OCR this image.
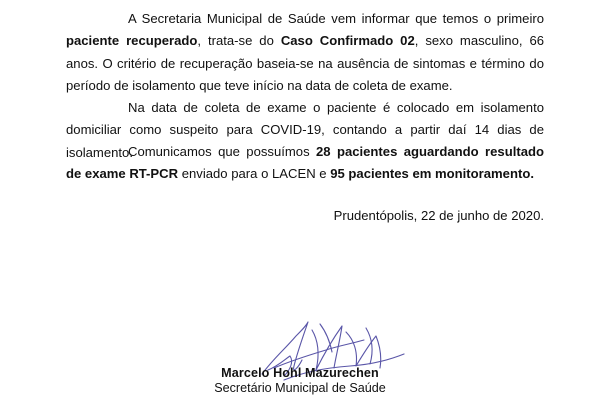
A Secretaria Municipal de Saúde vem informar que temos o primeiro paciente recuperado, trata-se do Caso Confirmado 02, sexo masculino, 66 anos. O critério de recuperação baseia-se na ausência de sintomas e término do período de isolamento que teve início na data de coleta de exame.

Na data de coleta de exame o paciente é colocado em isolamento domiciliar como suspeito para COVID-19, contando a partir daí 14 dias de isolamento.

Comunicamos que possuímos 28 pacientes aguardando resultado de exame RT-PCR enviado para o LACEN e 95 pacientes em monitoramento.

Prudentópolis, 22 de junho de 2020.

Marcelo Hohl Mazurechen

Secretário Municipal de Saúde
